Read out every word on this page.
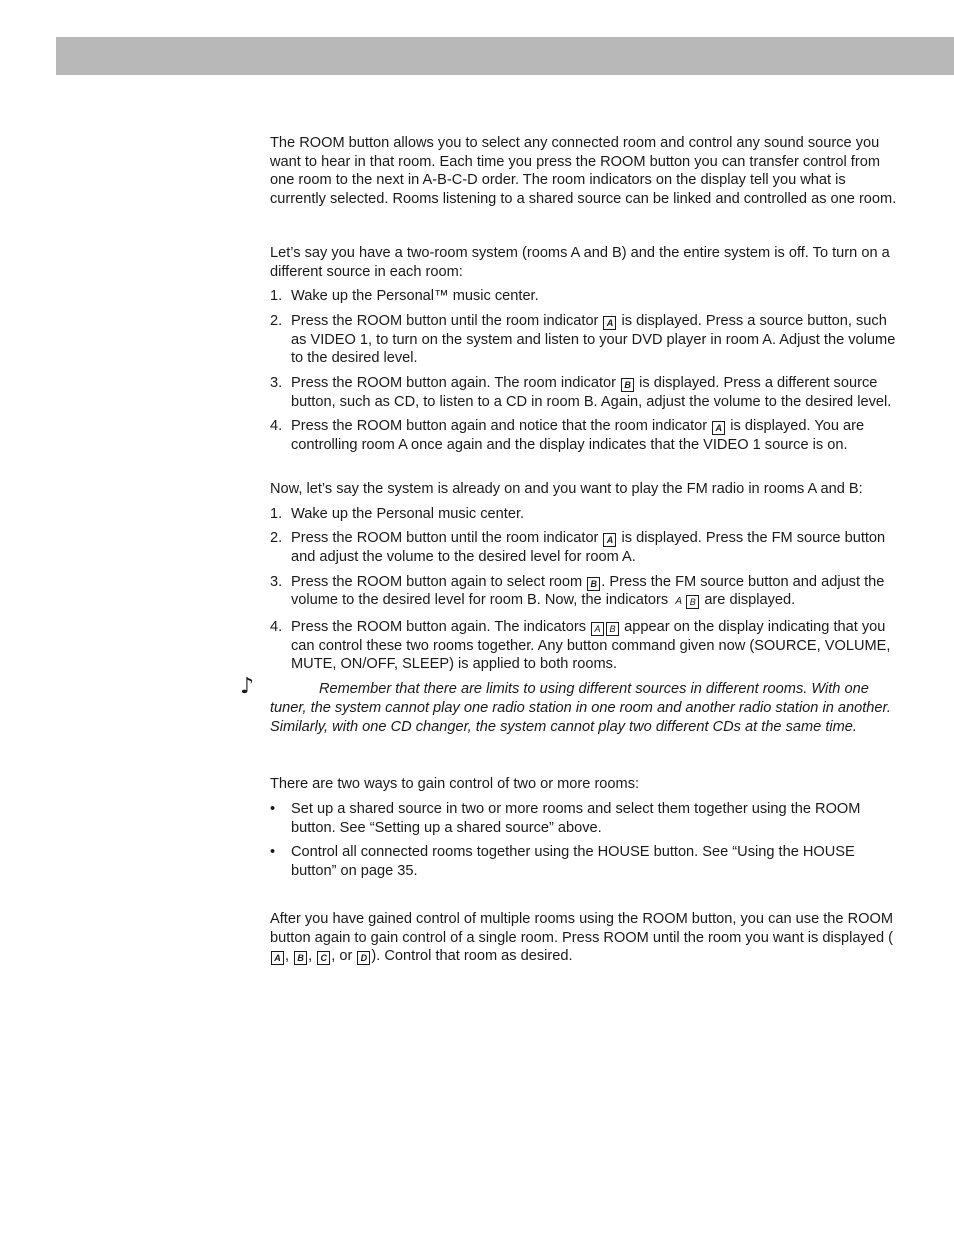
The ROOM button allows you to select any connected room and control any sound source you want to hear in that room. Each time you press the ROOM button you can transfer control from one room to the next in A-B-C-D order. The room indicators on the display tell you what is currently selected. Rooms listening to a shared source can be linked and controlled as one room.

Let’s say you have a two-room system (rooms A and B) and the entire system is off. To turn on a different source in each room:

1. Wake up the Personal™ music center.
2. Press the ROOM button until the room indicator A is displayed. Press a source button, such as VIDEO 1, to turn on the system and listen to your DVD player in room A. Adjust the volume to the desired level.
3. Press the ROOM button again. The room indicator B is displayed. Press a different source button, such as CD, to listen to a CD in room B. Again, adjust the volume to the desired level.
4. Press the ROOM button again and notice that the room indicator A is displayed. You are controlling room A once again and the display indicates that the VIDEO 1 source is on.

Now, let’s say the system is already on and you want to play the FM radio in rooms A and B:

1. Wake up the Personal music center.
2. Press the ROOM button until the room indicator A is displayed. Press the FM source button and adjust the volume to the desired level for room A.
3. Press the ROOM button again to select room B . Press the FM source button and adjust the volume to the desired level for room B. Now, the indicators A B are displayed.
4. Press the ROOM button again. The indicators A B appear on the display indicating that you can control these two rooms together. Any button command given now (SOURCE, VOLUME, MUTE, ON/OFF, SLEEP) is applied to both rooms.
♪	Remember that there are limits to using different sources in different rooms. With one tuner, the system cannot play one radio station in one room and another radio station in another. Similarly, with one CD changer, the system cannot play two different CDs at the same time.

There are two ways to gain control of two or more rooms:

•	Set up a shared source in two or more rooms and select them together using the ROOM button. See “Setting up a shared source” above.
•	Control all connected rooms together using the HOUSE button. See “Using the HOUSE button” on page 35.

After you have gained control of multiple rooms using the ROOM button, you can use the ROOM button again to gain control of a single room. Press ROOM until the room you want is displayed (A , B , C , or D ). Control that room as desired.
